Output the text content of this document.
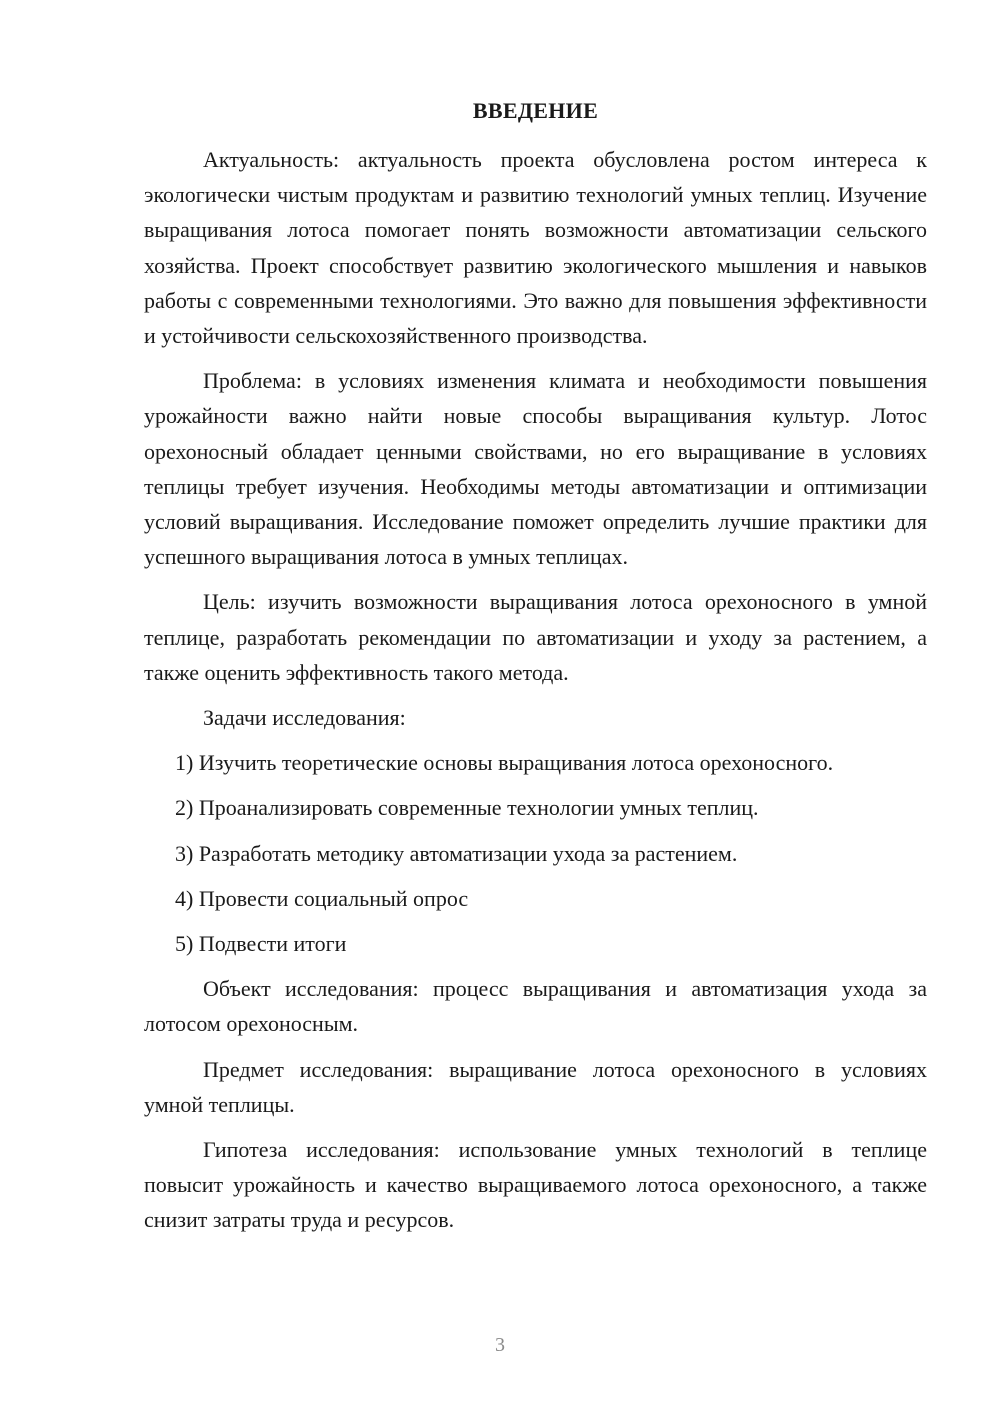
ВВЕДЕНИЕ

Актуальность: актуальность проекта обусловлена ростом интереса к экологически чистым продуктам и развитию технологий умных теплиц. Изучение выращивания лотоса помогает понять возможности автоматизации сельского хозяйства. Проект способствует развитию экологического мышления и навыков работы с современными технологиями. Это важно для повышения эффективности и устойчивости сельскохозяйственного производства.

Проблема: в условиях изменения климата и необходимости повышения урожайности важно найти новые способы выращивания культур. Лотос орехоносный обладает ценными свойствами, но его выращивание в условиях теплицы требует изучения. Необходимы методы автоматизации и оптимизации условий выращивания. Исследование поможет определить лучшие практики для успешного выращивания лотоса в умных теплицах.

Цель: изучить возможности выращивания лотоса орехоносного в умной теплице, разработать рекомендации по автоматизации и уходу за растением, а также оценить эффективность такого метода.

Задачи исследования:

1) Изучить теоретические основы выращивания лотоса орехоносного.
2) Проанализировать современные технологии умных теплиц.
3) Разработать методику автоматизации ухода за растением.
4) Провести социальный опрос
5) Подвести итоги

Объект исследования: процесс выращивания и автоматизация ухода за лотосом орехоносным.

Предмет исследования: выращивание лотоса орехоносного в условиях умной теплицы.

Гипотеза исследования: использование умных технологий в теплице повысит урожайность и качество выращиваемого лотоса орехоносного, а также снизит затраты труда и ресурсов.

3
